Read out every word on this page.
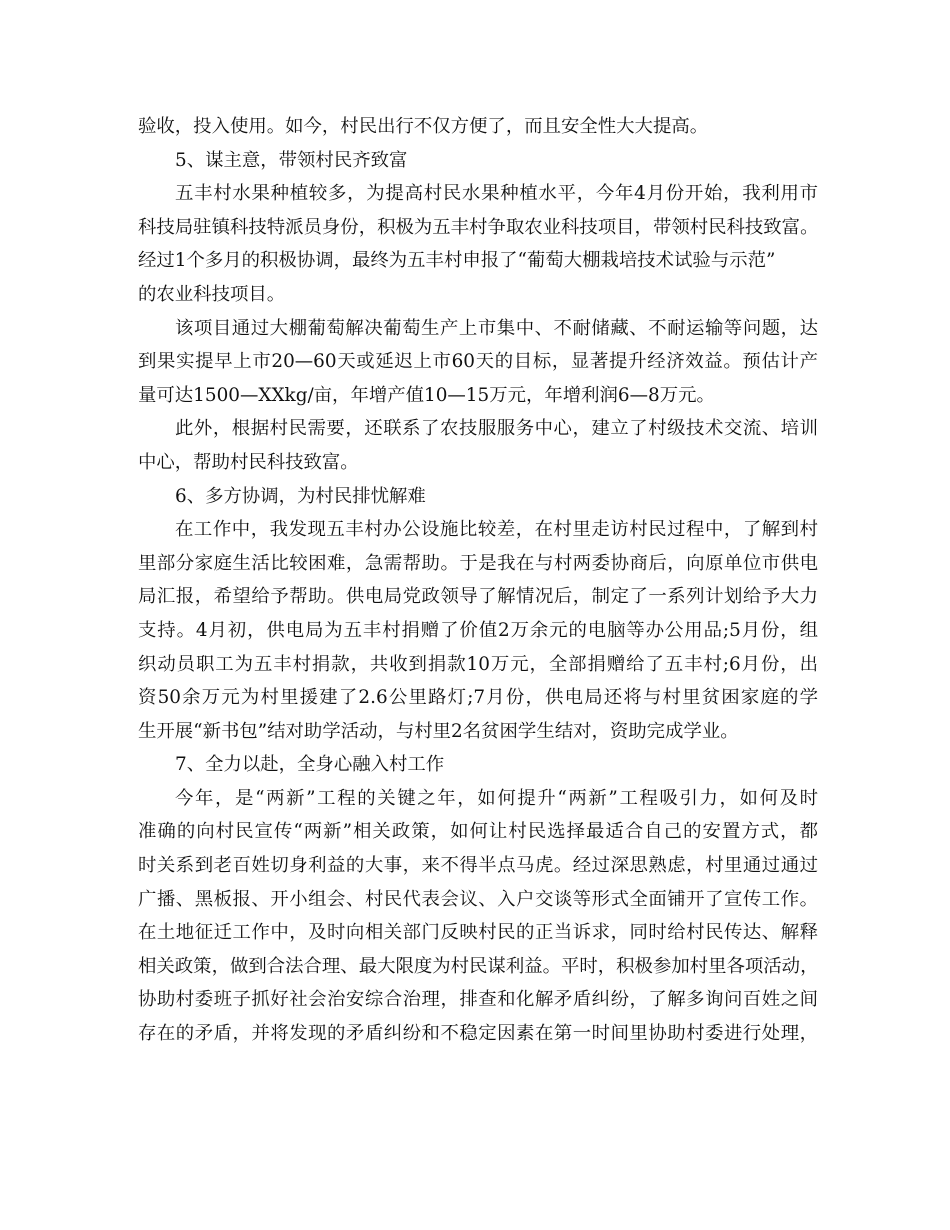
验收，投入使用。如今，村民出行不仅方便了，而且安全性大大提高。
5、谋主意，带领村民齐致富
五丰村水果种植较多，为提高村民水果种植水平，今年4月份开始，我利用市
科技局驻镇科技特派员身份，积极为五丰村争取农业科技项目，带领村民科技致富。
经过1个多月的积极协调，最终为五丰村申报了“葡萄大棚栽培技术试验与示范”
的农业科技项目。
该项目通过大棚葡萄解决葡萄生产上市集中、不耐储藏、不耐运输等问题，达
到果实提早上市20—60天或延迟上市60天的目标，显著提升经济效益。预估计产
量可达1500—XXkg/亩，年增产值10—15万元，年增利润6—8万元。
此外，根据村民需要，还联系了农技服服务中心，建立了村级技术交流、培训
中心，帮助村民科技致富。
6、多方协调，为村民排忧解难
在工作中，我发现五丰村办公设施比较差，在村里走访村民过程中，了解到村
里部分家庭生活比较困难，急需帮助。于是我在与村两委协商后，向原单位市供电
局汇报，希望给予帮助。供电局党政领导了解情况后，制定了一系列计划给予大力
支持。4月初，供电局为五丰村捐赠了价值2万余元的电脑等办公用品;5月份，组
织动员职工为五丰村捐款，共收到捐款10万元，全部捐赠给了五丰村;6月份，出
资50余万元为村里援建了2.6公里路灯;7月份，供电局还将与村里贫困家庭的学
生开展“新书包”结对助学活动，与村里2名贫困学生结对，资助完成学业。
7、全力以赴，全身心融入村工作
今年，是“两新”工程的关键之年，如何提升“两新”工程吸引力，如何及时
准确的向村民宣传“两新”相关政策，如何让村民选择最适合自己的安置方式，都
时关系到老百姓切身利益的大事，来不得半点马虎。经过深思熟虑，村里通过通过
广播、黑板报、开小组会、村民代表会议、入户交谈等形式全面铺开了宣传工作。
在土地征迁工作中，及时向相关部门反映村民的正当诉求，同时给村民传达、解释
相关政策，做到合法合理、最大限度为村民谋利益。平时，积极参加村里各项活动，
协助村委班子抓好社会治安综合治理，排查和化解矛盾纠纷，了解多询问百姓之间
存在的矛盾，并将发现的矛盾纠纷和不稳定因素在第一时间里协助村委进行处理，
